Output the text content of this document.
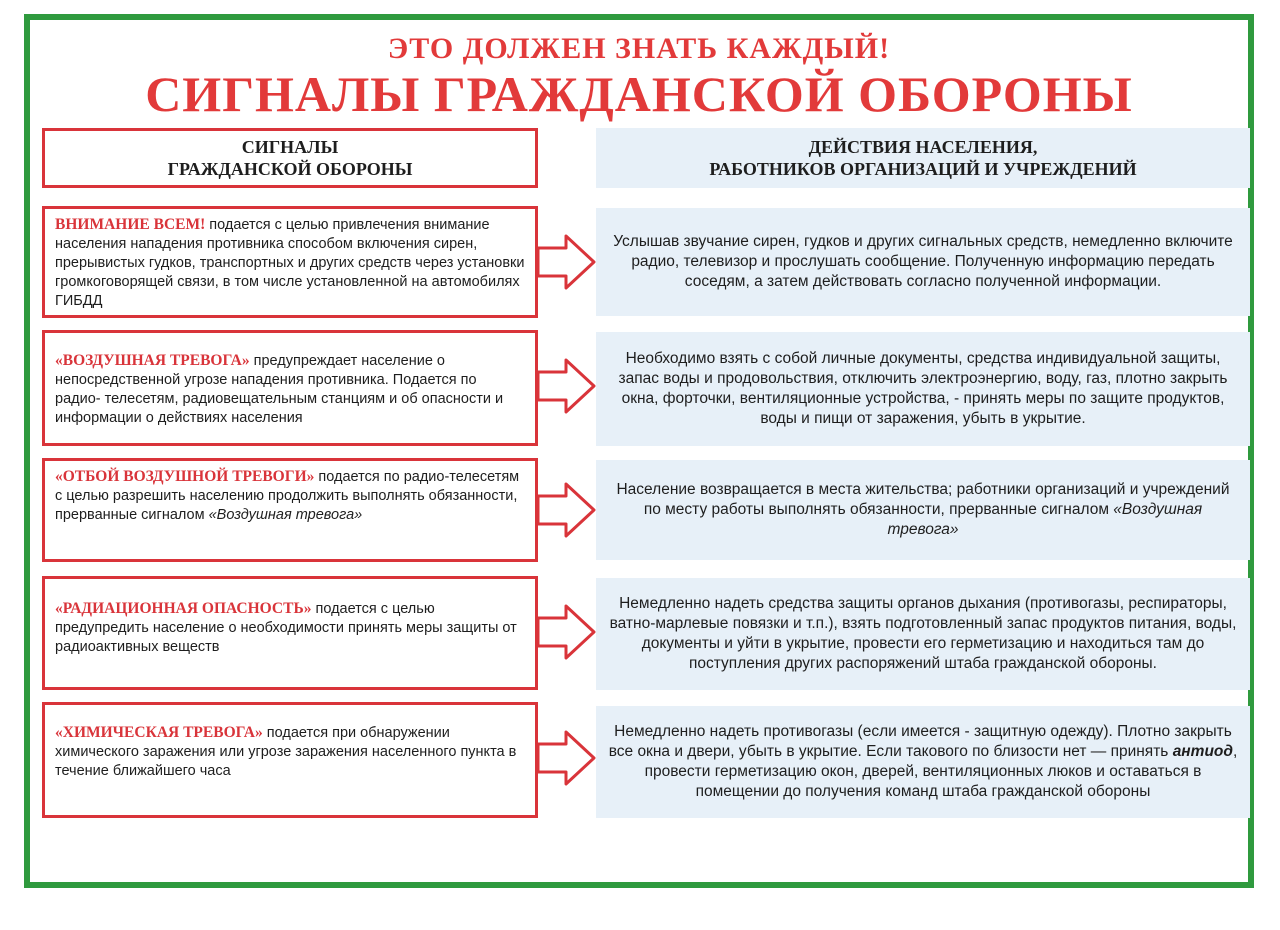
ЭТО ДОЛЖЕН ЗНАТЬ КАЖДЫЙ!
СИГНАЛЫ ГРАЖДАНСКОЙ ОБОРОНЫ
СИГНАЛЫ
ГРАЖДАНСКОЙ ОБОРОНЫ
ДЕЙСТВИЯ НАСЕЛЕНИЯ,
РАБОТНИКОВ ОРГАНИЗАЦИЙ И УЧРЕЖДЕНИЙ
ВНИМАНИЕ ВСЕМ! подается с целью привлечения внимание населения нападения противника способом включения сирен, прерывистых гудков, транспортных и других средств через установки громкоговорящей связи, в том числе установленной на автомобилях ГИБДД
Услышав звучание сирен, гудков и других сигнальных средств, немедленно включите радио, телевизор и прослушать сообщение. Полученную информацию передать соседям, а затем действовать согласно полученной информации.
«ВОЗДУШНАЯ ТРЕВОГА» предупреждает население о непосредственной угрозе нападения противника. Подается по радио- телесетям, радиовещательным станциям и об опасности и информации о действиях населения
Необходимо взять с собой личные документы, средства индивидуальной защиты, запас воды и продовольствия, отключить электроэнергию, воду, газ, плотно закрыть окна, форточки, вентиляционные устройства, - принять меры по защите продуктов, воды и пищи от заражения, убыть в укрытие.
«ОТБОЙ ВОЗДУШНОЙ ТРЕВОГИ» подается по радио-телесетям с целью разрешить населению продолжить выполнять обязанности, прерванные сигналом «Воздушная тревога»
Население возвращается в места жительства; работники организаций и учреждений по месту работы выполнять обязанности, прерванные сигналом «Воздушная тревога»
«РАДИАЦИОННАЯ ОПАСНОСТЬ» подается с целью предупредить население о необходимости принять меры защиты от радиоактивных веществ
Немедленно надеть средства защиты органов дыхания (противогазы, респираторы, ватно-марлевые повязки и т.п.), взять подготовленный запас продуктов питания, воды, документы и уйти в укрытие, провести его герметизацию и находиться там до поступления других распоряжений штаба гражданской обороны.
«ХИМИЧЕСКАЯ ТРЕВОГА» подается при обнаружении химического заражения или угрозе заражения населенного пункта в течение ближайшего часа
Немедленно надеть противогазы (если имеется - защитную одежду). Плотно закрыть все окна и двери, убыть в укрытие. Если такового по близости нет — принять антиод, провести герметизацию окон, дверей, вентиляционных люков и оставаться в помещении до получения команд штаба гражданской обороны
